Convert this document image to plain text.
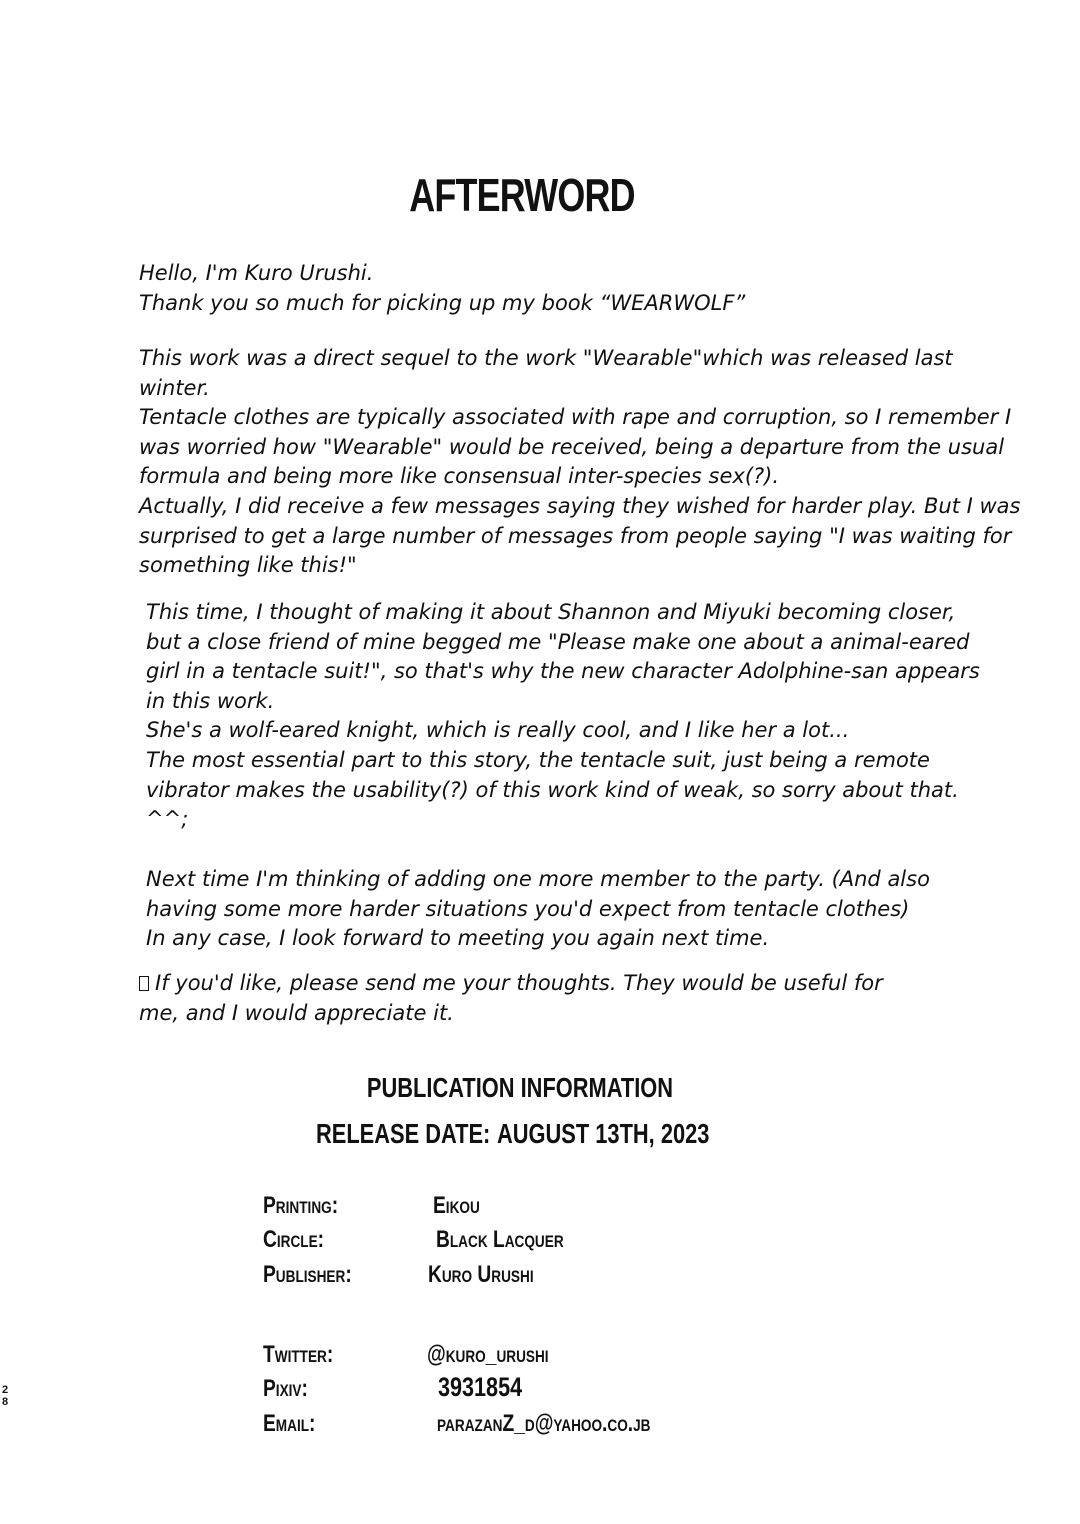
AFTERWORD
Hello, I'm Kuro Urushi.
Thank you so much for picking up my book “WEARWOLF”
This work was a direct sequel to the work "Wearable"which was released last
winter.
Tentacle clothes are typically associated with rape and corruption, so I remember I
was worried how "Wearable" would be received, being a departure from the usual
formula and being more like consensual inter-species sex(?).
Actually, I did receive a few messages saying they wished for harder play. But I was
surprised to get a large number of messages from people saying "I was waiting for
something like this!"
This time, I thought of making it about Shannon and Miyuki becoming closer,
but a close friend of mine begged me "Please make one about a animal-eared
girl in a tentacle suit!", so that's why the new character Adolphine-san appears
in this work.
She's a wolf-eared knight, which is really cool, and I like her a lot...
The most essential part to this story, the tentacle suit, just being a remote
vibrator makes the usability(?) of this work kind of weak, so sorry about that.
^^;
Next time I'm thinking of adding one more member to the party. (And also
having some more harder situations you'd expect from tentacle clothes)
In any case, I look forward to meeting you again next time.
If you'd like, please send me your thoughts. They would be useful for
me, and I would appreciate it.
PUBLICATION INFORMATION
RELEASE DATE: AUGUST 13TH, 2023
Printing:	Eikou
Circle:	Black Lacquer
Publisher:	Kuro Urushi
Twitter:	@kuro_urushi
Pixiv:	3931854
Email:	parazanZ_d@yahoo.co.jb
2
8
